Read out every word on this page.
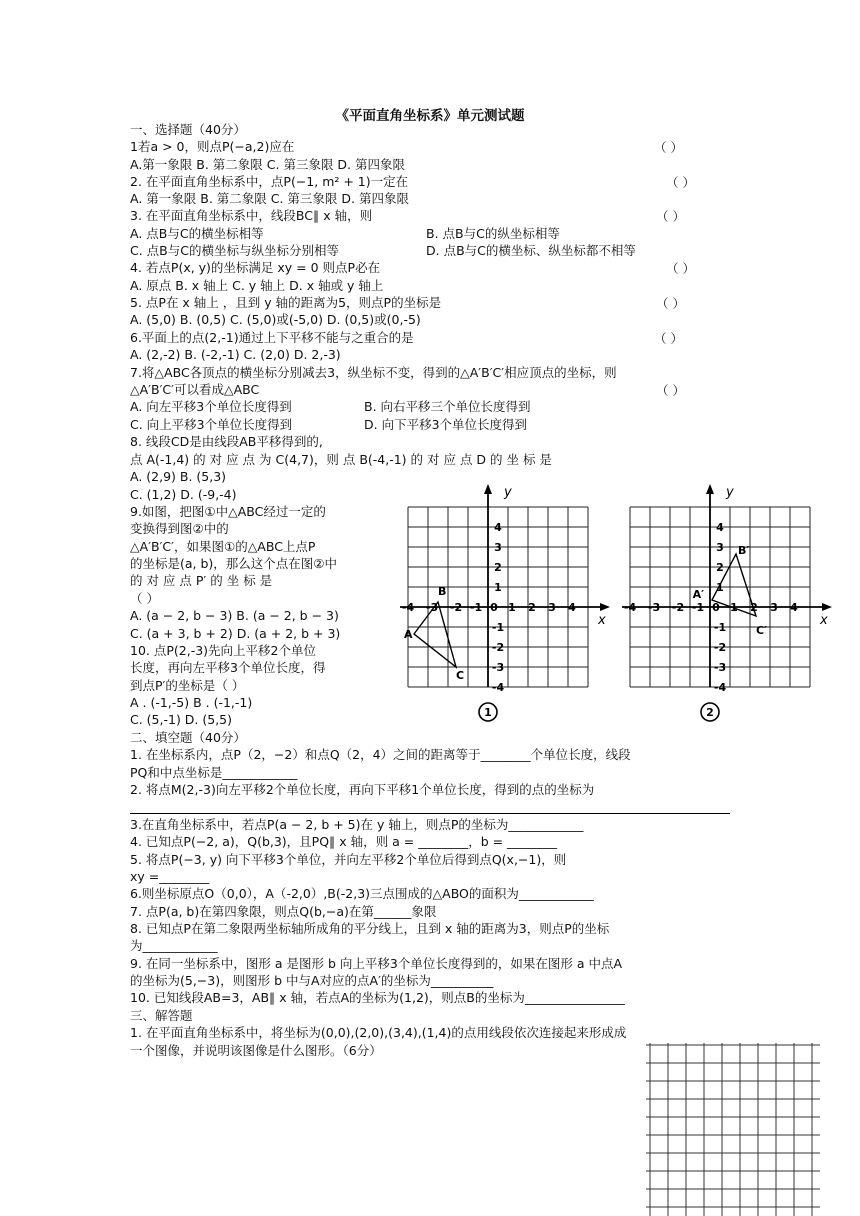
《平面直角坐标系》单元测试题
一、选择题（40分）
1若a > 0，则点P(−a,2)应在	（ ）
A.第一象限 B. 第二象限 C. 第三象限 D. 第四象限
2. 在平面直角坐标系中，点P(−1, m² + 1)一定在	（ ）
A. 第一象限 B. 第二象限 C. 第三象限 D. 第四象限
3. 在平面直角坐标系中，线段BC∥ x 轴，则	（ ）
A. 点B与C的横坐标相等	B. 点B与C的纵坐标相等
C. 点B与C的横坐标与纵坐标分别相等	D. 点B与C的横坐标、纵坐标都不相等
4. 若点P(x, y)的坐标满足 xy = 0 则点P必在	（ ）
A. 原点 B. x 轴上 C. y 轴上 D. x 轴或 y 轴上
5. 点P在 x 轴上 ，且到 y 轴的距离为5，则点P的坐标是	（ ）
A. (5,0) B. (0,5) C. (5,0)或(-5,0) D. (0,5)或(0,-5)
6.平面上的点(2,-1)通过上下平移不能与之重合的是	（ ）
A. (2,-2) B. (-2,-1) C. (2,0) D. 2,-3)
7.将△ABC各顶点的横坐标分别减去3，纵坐标不变，得到的△A′B′C′相应顶点的坐标，则
△A′B′C′可以看成△ABC	（ ）
A. 向左平移3个单位长度得到	B. 向右平移三个单位长度得到
C. 向上平移3个单位长度得到	D. 向下平移3个单位长度得到
8. 线段CD是由线段AB平移得到的,
点 A(-1,4) 的 对 应 点 为 C(4,7)，则 点 B(-4,-1) 的 对 应 点 D 的 坐 标 是
A. (2,9) B. (5,3)
C. (1,2) D. (-9,-4)
9.如图，把图①中△ABC经过一定的
变换得到图②中的
△A′B′C′，如果图①的△ABC上点P
的坐标是(a, b)，那么这个点在图②中
的 对 应 点 P′ 的 坐 标 是
（ ）
A. (a − 2, b − 3) B. (a − 2, b − 3)
C. (a + 3, b + 2) D. (a + 2, b + 3)
10. 点P(2,-3)先向上平移2个单位
长度，再向左平移3个单位长度，得
到点P′的坐标是（ ）
A . (-1,-5) B . (-1,-1)
C. (5,-1) D. (5,5)
y
x
-4 -3 -2 -1 0 1 2 3 4
4
3
2
1
-1
-2
-3
-4
A
B
C
1
y
x
-4 -3 -2 -1 0 1 2 3 4
4
3
2
1
-1
-2
-3
-4
A′
B′
C′
2
二、填空题（40分）
1. 在坐标系内，点P（2，−2）和点Q（2，4）之间的距离等于________个单位长度，线段
PQ和中点坐标是____________
2. 将点M(2,-3)向左平移2个单位长度，再向下平移1个单位长度，得到的点的坐标为
3.在直角坐标系中，若点P(a − 2, b + 5)在 y 轴上，则点P的坐标为____________
4. 已知点P(−2, a)，Q(b,3)，且PQ∥ x 轴，则 a = ________，b = ________
5. 将点P(−3, y) 向下平移3个单位，并向左平移2个单位后得到点Q(x,−1)，则
xy =________
6.则坐标原点O（0,0），A（-2,0）,B(-2,3)三点围成的△ABO的面积为____________
7. 点P(a, b)在第四象限，则点Q(b,−a)在第______象限
8. 已知点P在第二象限两坐标轴所成角的平分线上，且到 x 轴的距离为3，则点P的坐标
为____________
9. 在同一坐标系中，图形 a 是图形 b 向上平移3个单位长度得到的，如果在图形 a 中点A
的坐标为(5,−3)，则图形 b 中与A对应的点A′的坐标为__________
10. 已知线段AB=3，AB∥ x 轴，若点A的坐标为(1,2)，则点B的坐标为________________
三、解答题
1. 在平面直角坐标系中，将坐标为(0,0),(2,0),(3,4),(1,4)的点用线段依次连接起来形成成
一个图像，并说明该图像是什么图形。（6分）
